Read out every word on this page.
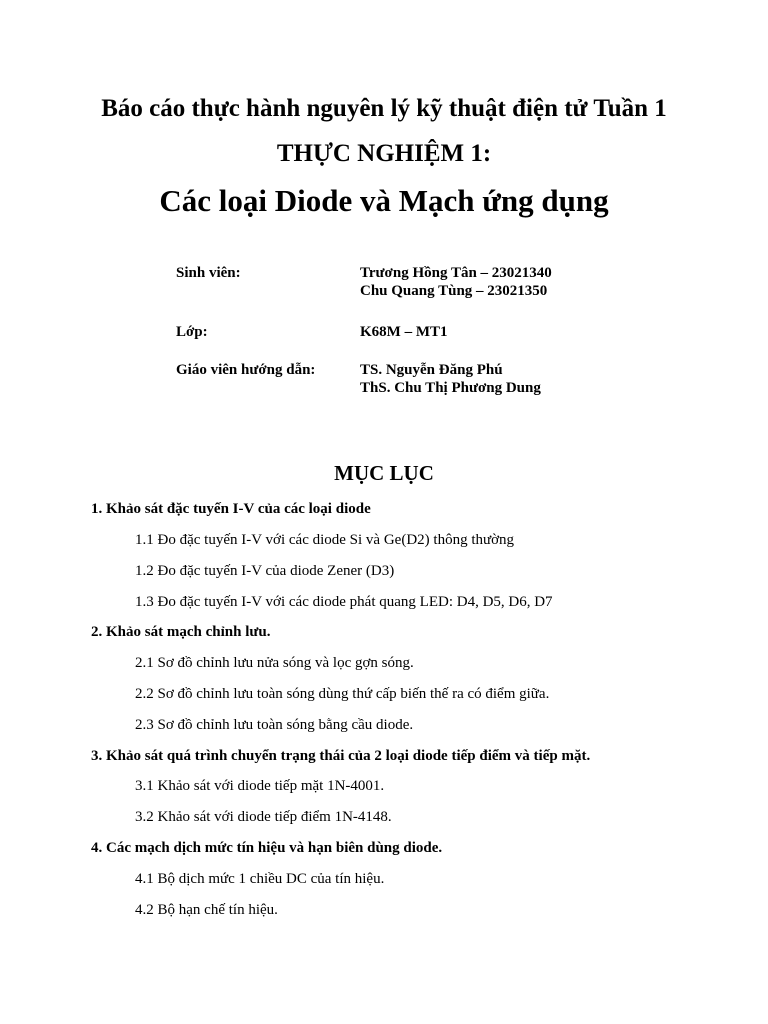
Báo cáo thực hành nguyên lý kỹ thuật điện tử Tuần 1
THỰC NGHIỆM 1:
Các loại Diode và Mạch ứng dụng
Sinh viên:	Trương Hồng Tân – 23021340
Chu Quang Tùng – 23021350
Lớp:	K68M – MT1
Giáo viên hướng dẫn:	TS. Nguyễn Đăng Phú
ThS. Chu Thị Phương Dung
MỤC LỤC
1. Khảo sát đặc tuyến I-V của các loại diode
1.1 Đo đặc tuyến I-V với các diode Si và Ge(D2) thông thường
1.2 Đo đặc tuyến I-V của diode Zener (D3)
1.3 Đo đặc tuyến I-V với các diode phát quang LED: D4, D5, D6, D7
2. Khảo sát mạch chỉnh lưu.
2.1 Sơ đồ chỉnh lưu nửa sóng và lọc gợn sóng.
2.2 Sơ đồ chỉnh lưu toàn sóng dùng thứ cấp biến thế ra có điểm giữa.
2.3 Sơ đồ chỉnh lưu toàn sóng bằng cầu diode.
3. Khảo sát quá trình chuyển trạng thái của 2 loại diode tiếp điểm và tiếp mặt.
3.1 Khảo sát với diode tiếp mặt 1N-4001.
3.2 Khảo sát với diode tiếp điểm 1N-4148.
4. Các mạch dịch mức tín hiệu và hạn biên dùng diode.
4.1 Bộ dịch mức 1 chiều DC của tín hiệu.
4.2 Bộ hạn chế tín hiệu.
